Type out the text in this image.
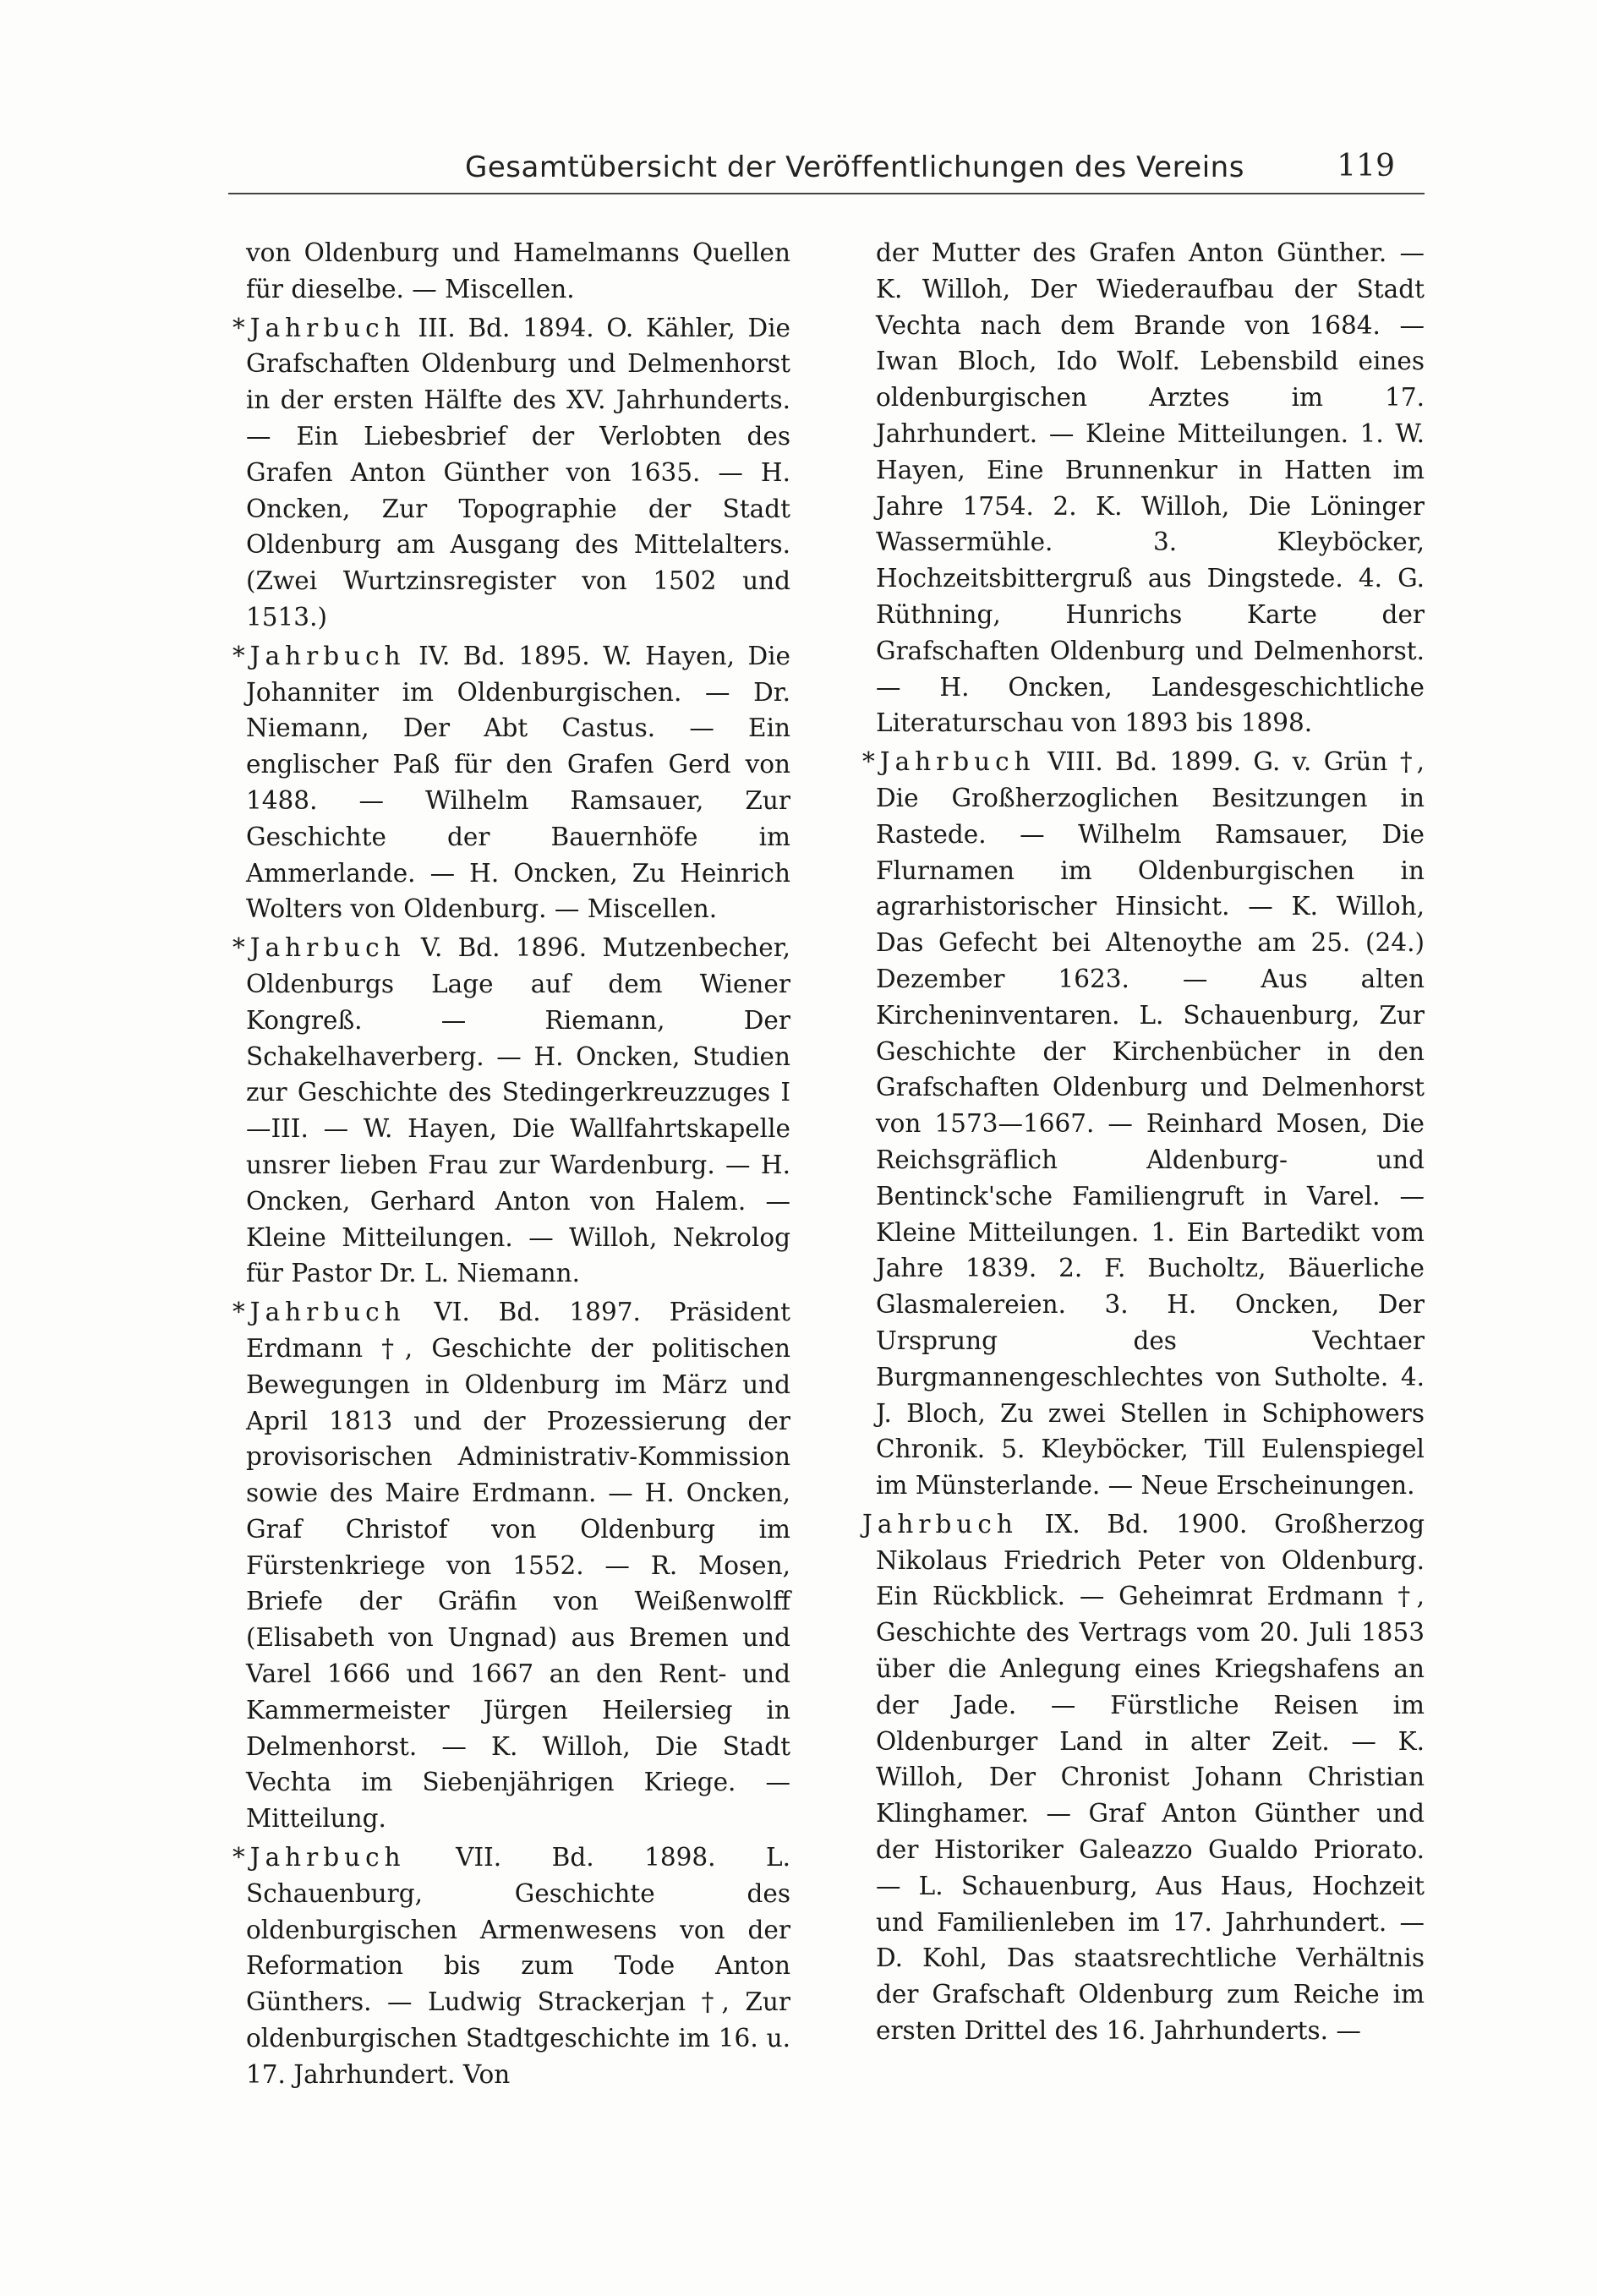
Gesamtübersicht der Veröffentlichungen des Vereins	119

von Oldenburg und Hamelmanns Quellen für dieselbe. — Miscellen.

*Jahrbuch III. Bd. 1894. O. Kähler, Die Grafschaften Oldenburg und Delmenhorst in der ersten Hälfte des XV. Jahrhunderts. — Ein Liebesbrief der Verlobten des Grafen Anton Günther von 1635. — H. Oncken, Zur Topographie der Stadt Oldenburg am Ausgang des Mittelalters. (Zwei Wurtzinsregister von 1502 und 1513.)

*Jahrbuch IV. Bd. 1895. W. Hayen, Die Johanniter im Oldenburgischen. — Dr. Niemann, Der Abt Castus. — Ein englischer Paß für den Grafen Gerd von 1488. — Wilhelm Ramsauer, Zur Geschichte der Bauernhöfe im Ammerlande. — H. Oncken, Zu Heinrich Wolters von Oldenburg. — Miscellen.

*Jahrbuch V. Bd. 1896. Mutzenbecher, Oldenburgs Lage auf dem Wiener Kongreß. — Riemann, Der Schakelhaverberg. — H. Oncken, Studien zur Geschichte des Stedingerkreuzzuges I—III. — W. Hayen, Die Wallfahrtskapelle unsrer lieben Frau zur Wardenburg. — H. Oncken, Gerhard Anton von Halem. — Kleine Mitteilungen. — Willoh, Nekrolog für Pastor Dr. L. Niemann.

*Jahrbuch VI. Bd. 1897. Präsident Erdmann †, Geschichte der politischen Bewegungen in Oldenburg im März und April 1813 und der Prozessierung der provisorischen Administrativ-Kommission sowie des Maire Erdmann. — H. Oncken, Graf Christof von Oldenburg im Fürstenkriege von 1552. — R. Mosen, Briefe der Gräfin von Weißenwolff (Elisabeth von Ungnad) aus Bremen und Varel 1666 und 1667 an den Rent- und Kammermeister Jürgen Heilersieg in Delmenhorst. — K. Willoh, Die Stadt Vechta im Siebenjährigen Kriege. — Mitteilung.

*Jahrbuch VII. Bd. 1898. L. Schauenburg, Geschichte des oldenburgischen Armenwesens von der Reformation bis zum Tode Anton Günthers. — Ludwig Strackerjan †, Zur oldenburgischen Stadtgeschichte im 16. u. 17. Jahrhundert. Von

der Mutter des Grafen Anton Günther. — K. Willoh, Der Wiederaufbau der Stadt Vechta nach dem Brande von 1684. — Iwan Bloch, Ido Wolf. Lebensbild eines oldenburgischen Arztes im 17. Jahrhundert. — Kleine Mitteilungen. 1. W. Hayen, Eine Brunnenkur in Hatten im Jahre 1754. 2. K. Willoh, Die Löninger Wassermühle. 3. Kleyböcker, Hochzeitsbittergruß aus Dingstede. 4. G. Rüthning, Hunrichs Karte der Grafschaften Oldenburg und Delmenhorst. — H. Oncken, Landesgeschichtliche Literaturschau von 1893 bis 1898.

*Jahrbuch VIII. Bd. 1899. G. v. Grün †, Die Großherzoglichen Besitzungen in Rastede. — Wilhelm Ramsauer, Die Flurnamen im Oldenburgischen in agrarhistorischer Hinsicht. — K. Willoh, Das Gefecht bei Altenoythe am 25. (24.) Dezember 1623. — Aus alten Kircheninventaren. L. Schauenburg, Zur Geschichte der Kirchenbücher in den Grafschaften Oldenburg und Delmenhorst von 1573—1667. — Reinhard Mosen, Die Reichsgräflich Aldenburg- und Bentinck'sche Familiengruft in Varel. — Kleine Mitteilungen. 1. Ein Bartedikt vom Jahre 1839. 2. F. Bucholtz, Bäuerliche Glasmalereien. 3. H. Oncken, Der Ursprung des Vechtaer Burgmannengeschlechtes von Sutholte. 4. J. Bloch, Zu zwei Stellen in Schiphowers Chronik. 5. Kleyböcker, Till Eulenspiegel im Münsterlande. — Neue Erscheinungen.

Jahrbuch IX. Bd. 1900. Großherzog Nikolaus Friedrich Peter von Oldenburg. Ein Rückblick. — Geheimrat Erdmann †, Geschichte des Vertrags vom 20. Juli 1853 über die Anlegung eines Kriegshafens an der Jade. — Fürstliche Reisen im Oldenburger Land in alter Zeit. — K. Willoh, Der Chronist Johann Christian Klinghamer. — Graf Anton Günther und der Historiker Galeazzo Gualdo Priorato. — L. Schauenburg, Aus Haus, Hochzeit und Familienleben im 17. Jahrhundert. — D. Kohl, Das staatsrechtliche Verhältnis der Grafschaft Oldenburg zum Reiche im ersten Drittel des 16. Jahrhunderts. —
